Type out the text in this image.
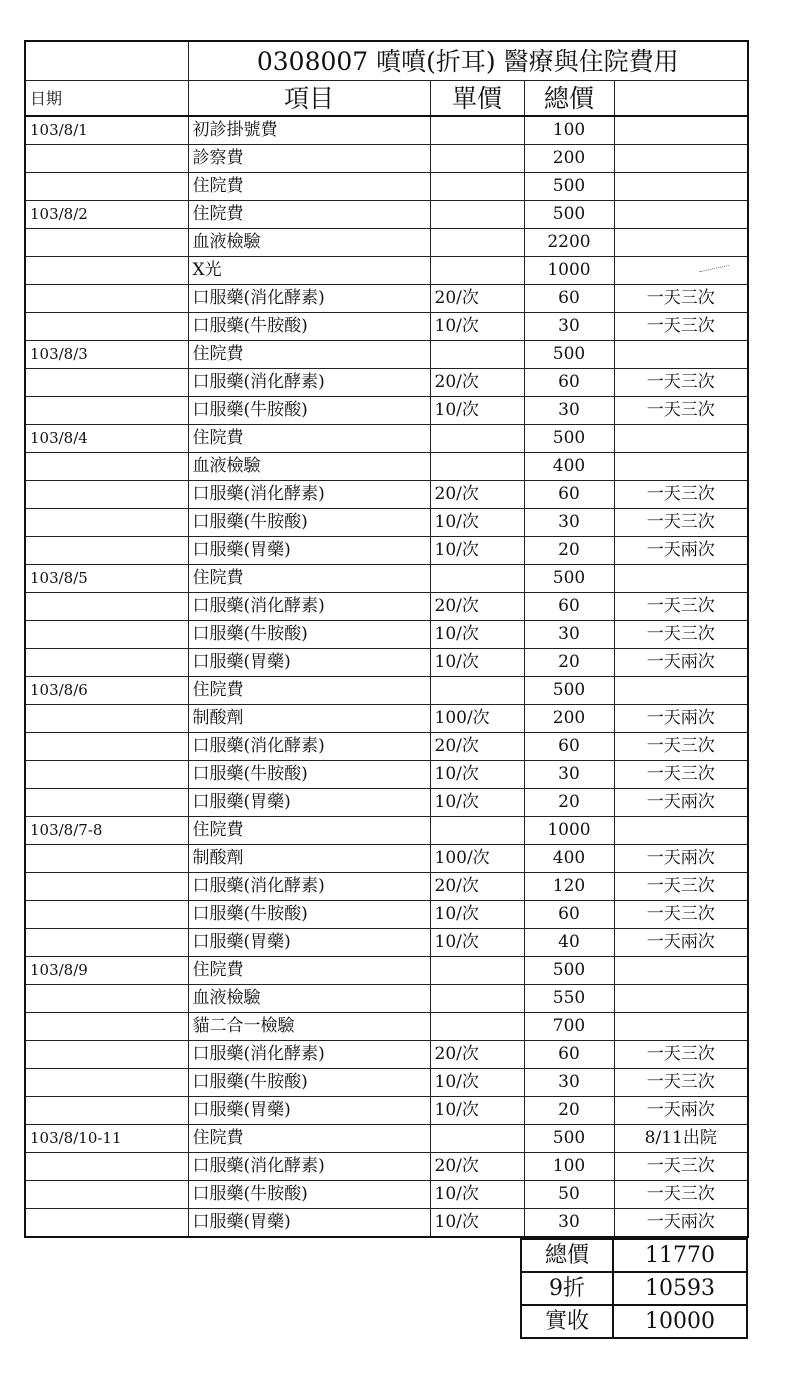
	0308007 噴噴(折耳) 醫療與住院費用			
日期	項目	單價	總價	
103/8/1	初診掛號費		100	
	診察費		200	
	住院費		500	
103/8/2	住院費		500	
	血液檢驗		2200	
	X光		1000	
	口服藥(消化酵素)	20/次	60	一天三次
	口服藥(牛胺酸)	10/次	30	一天三次
103/8/3	住院費		500	
	口服藥(消化酵素)	20/次	60	一天三次
	口服藥(牛胺酸)	10/次	30	一天三次
103/8/4	住院費		500	
	血液檢驗		400	
	口服藥(消化酵素)	20/次	60	一天三次
	口服藥(牛胺酸)	10/次	30	一天三次
	口服藥(胃藥)	10/次	20	一天兩次
103/8/5	住院費		500	
	口服藥(消化酵素)	20/次	60	一天三次
	口服藥(牛胺酸)	10/次	30	一天三次
	口服藥(胃藥)	10/次	20	一天兩次
103/8/6	住院費		500	
	制酸劑	100/次	200	一天兩次
	口服藥(消化酵素)	20/次	60	一天三次
	口服藥(牛胺酸)	10/次	30	一天三次
	口服藥(胃藥)	10/次	20	一天兩次
103/8/7-8	住院費		1000	
	制酸劑	100/次	400	一天兩次
	口服藥(消化酵素)	20/次	120	一天三次
	口服藥(牛胺酸)	10/次	60	一天三次
	口服藥(胃藥)	10/次	40	一天兩次
103/8/9	住院費		500	
	血液檢驗		550	
	貓二合一檢驗		700	
	口服藥(消化酵素)	20/次	60	一天三次
	口服藥(牛胺酸)	10/次	30	一天三次
	口服藥(胃藥)	10/次	20	一天兩次
103/8/10-11	住院費		500	8/11出院
	口服藥(消化酵素)	20/次	100	一天三次
	口服藥(牛胺酸)	10/次	50	一天三次
	口服藥(胃藥)	10/次	30	一天兩次
總價	11770
9折	10593
實收	10000
